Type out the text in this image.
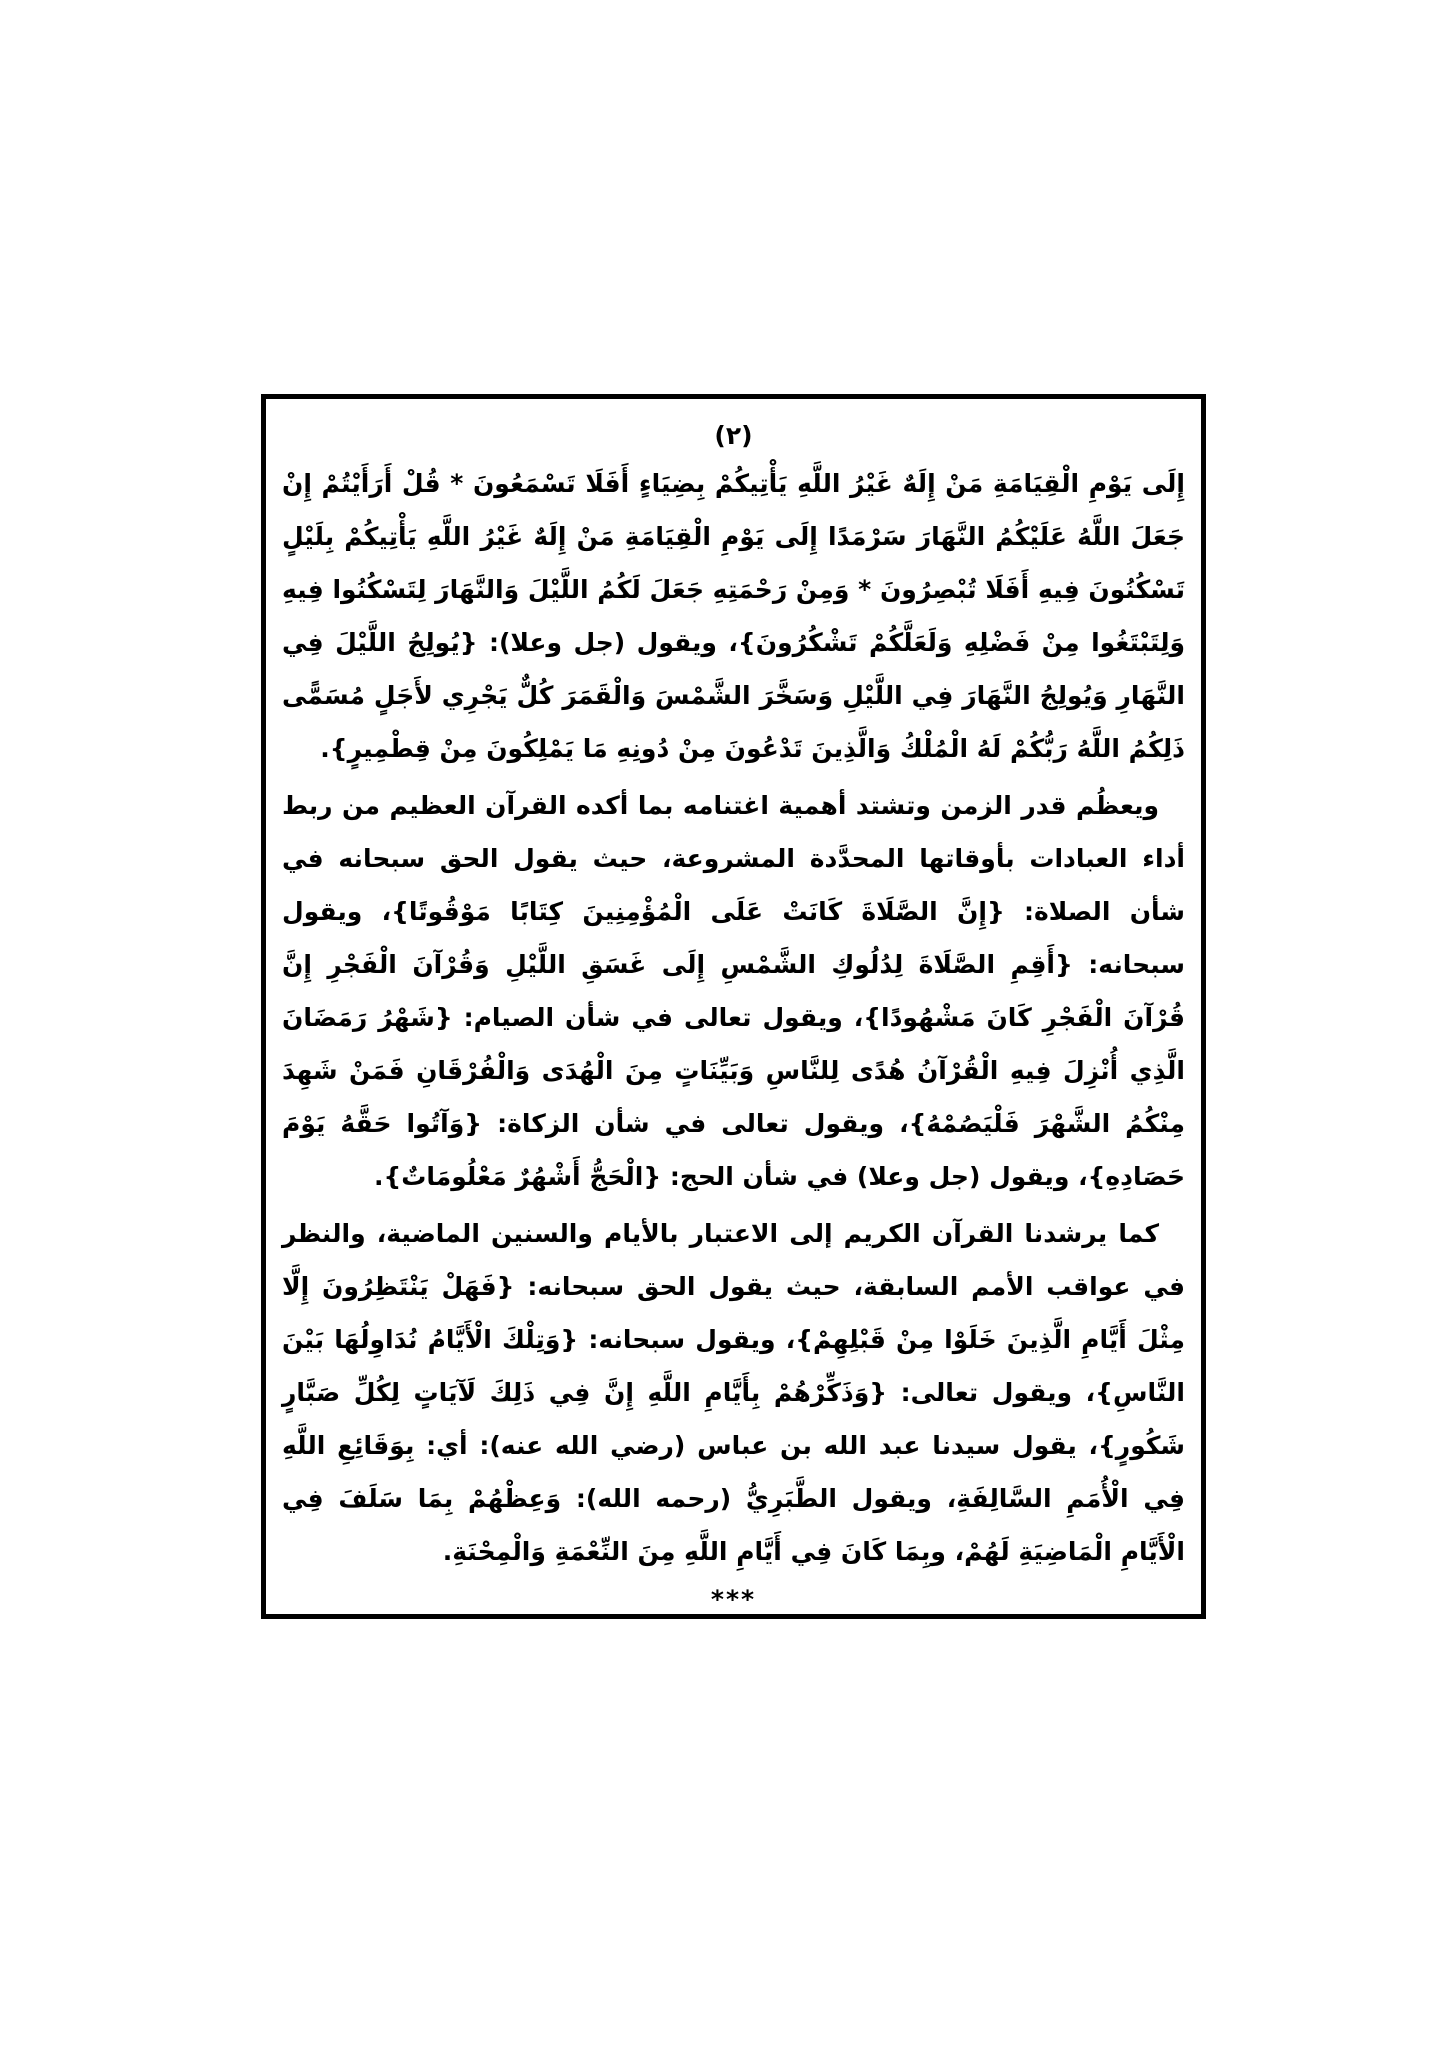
(٢)

إِلَى يَوْمِ الْقِيَامَةِ مَنْ إِلَهٌ غَيْرُ اللَّهِ يَأْتِيكُمْ بِضِيَاءٍ أَفَلَا تَسْمَعُونَ * قُلْ أَرَأَيْتُمْ إِنْ جَعَلَ اللَّهُ عَلَيْكُمُ النَّهَارَ سَرْمَدًا إِلَى يَوْمِ الْقِيَامَةِ مَنْ إِلَهٌ غَيْرُ اللَّهِ يَأْتِيكُمْ بِلَيْلٍ تَسْكُنُونَ فِيهِ أَفَلَا تُبْصِرُونَ * وَمِنْ رَحْمَتِهِ جَعَلَ لَكُمُ اللَّيْلَ وَالنَّهَارَ لِتَسْكُنُوا فِيهِ وَلِتَبْتَغُوا مِنْ فَضْلِهِ وَلَعَلَّكُمْ تَشْكُرُونَ}، ويقول (جل وعلا): {يُولِجُ اللَّيْلَ فِي النَّهَارِ وَيُولِجُ النَّهَارَ فِي اللَّيْلِ وَسَخَّرَ الشَّمْسَ وَالْقَمَرَ كُلٌّ يَجْرِي لأَجَلٍ مُسَمًّى ذَلِكُمُ اللَّهُ رَبُّكُمْ لَهُ الْمُلْكُ وَالَّذِينَ تَدْعُونَ مِنْ دُونِهِ مَا يَمْلِكُونَ مِنْ قِطْمِيرٍ}.

ويعظُم قدر الزمن وتشتد أهمية اغتنامه بما أكده القرآن العظيم من ربط أداء العبادات بأوقاتها المحدَّدة المشروعة، حيث يقول الحق سبحانه في شأن الصلاة: {إِنَّ الصَّلَاةَ كَانَتْ عَلَى الْمُؤْمِنِينَ كِتَابًا مَوْقُوتًا}، ويقول سبحانه: {أَقِمِ الصَّلَاةَ لِدُلُوكِ الشَّمْسِ إِلَى غَسَقِ اللَّيْلِ وَقُرْآنَ الْفَجْرِ إِنَّ قُرْآنَ الْفَجْرِ كَانَ مَشْهُودًا}، ويقول تعالى في شأن الصيام: {شَهْرُ رَمَضَانَ الَّذِي أُنْزِلَ فِيهِ الْقُرْآنُ هُدًى لِلنَّاسِ وَبَيِّنَاتٍ مِنَ الْهُدَى وَالْفُرْقَانِ فَمَنْ شَهِدَ مِنْكُمُ الشَّهْرَ فَلْيَصُمْهُ}، ويقول تعالى في شأن الزكاة: {وَآتُوا حَقَّهُ يَوْمَ حَصَادِهِ}، ويقول (جل وعلا) في شأن الحج: {الْحَجُّ أَشْهُرٌ مَعْلُومَاتٌ}.

كما يرشدنا القرآن الكريم إلى الاعتبار بالأيام والسنين الماضية، والنظر في عواقب الأمم السابقة، حيث يقول الحق سبحانه: {فَهَلْ يَنْتَظِرُونَ إِلَّا مِثْلَ أَيَّامِ الَّذِينَ خَلَوْا مِنْ قَبْلِهِمْ}، ويقول سبحانه: {وَتِلْكَ الْأَيَّامُ نُدَاوِلُهَا بَيْنَ النَّاسِ}، ويقول تعالى: {وَذَكِّرْهُمْ بِأَيَّامِ اللَّهِ إِنَّ فِي ذَلِكَ لَآيَاتٍ لِكُلِّ صَبَّارٍ شَكُورٍ}، يقول سيدنا عبد الله بن عباس (رضي الله عنه): أي: بِوَقَائِعِ اللَّهِ فِي الْأُمَمِ السَّالِفَةِ، ويقول الطَّبَرِيُّ (رحمه الله): وَعِظْهُمْ بِمَا سَلَفَ فِي الْأَيَّامِ الْمَاضِيَةِ لَهُمْ، وبِمَا كَانَ فِي أَيَّامِ اللَّهِ مِنَ النِّعْمَةِ وَالْمِحْنَةِ.

***
